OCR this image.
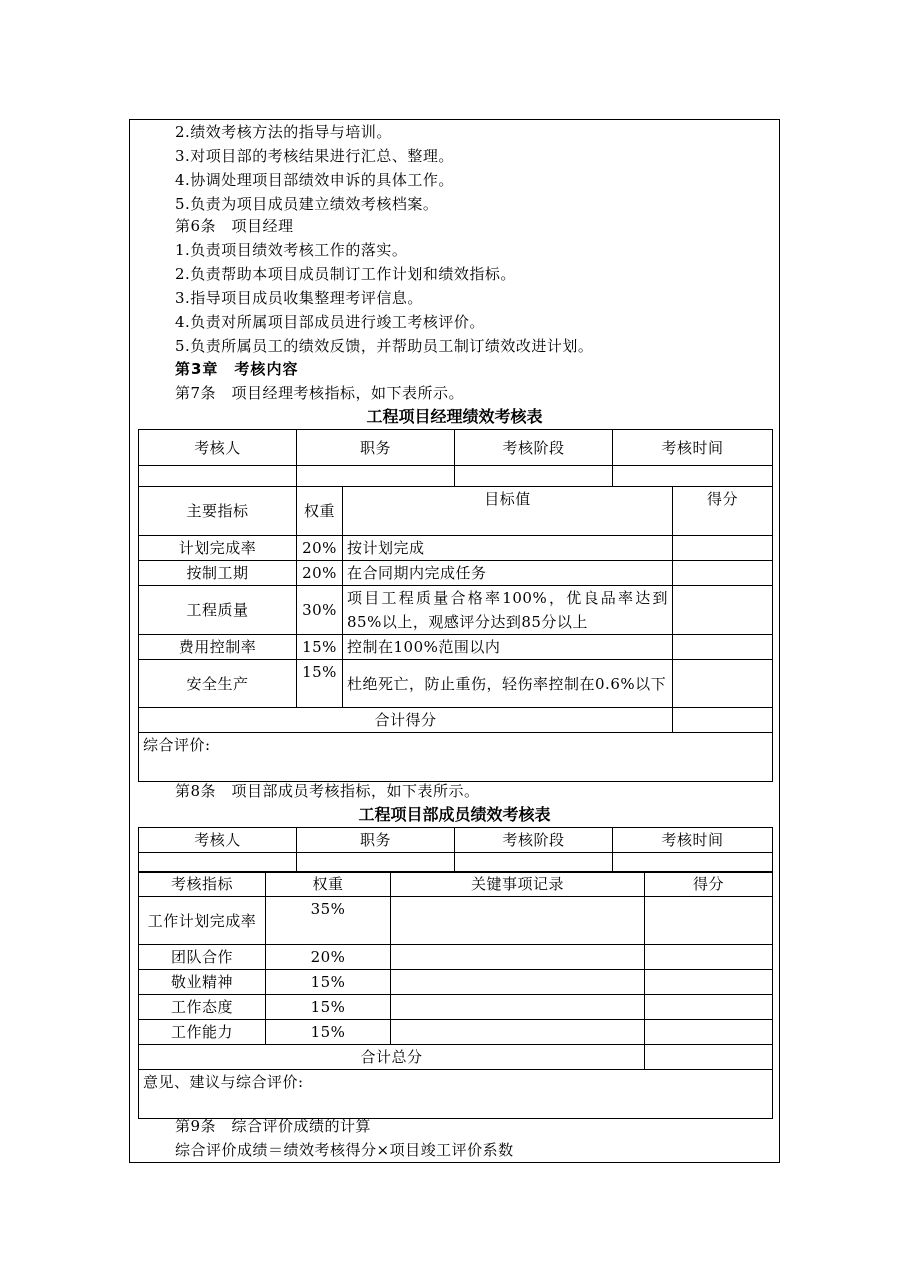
2.绩效考核方法的指导与培训。
3.对项目部的考核结果进行汇总、整理。
4.协调处理项目部绩效申诉的具体工作。
5.负责为项目成员建立绩效考核档案。
第6条　项目经理
1.负责项目绩效考核工作的落实。
2.负责帮助本项目成员制订工作计划和绩效指标。
3.指导项目成员收集整理考评信息。
4.负责对所属项目部成员进行竣工考核评价。
5.负责所属员工的绩效反馈，并帮助员工制订绩效改进计划。
第3章　考核内容
第7条　项目经理考核指标，如下表所示。
工程项目经理绩效考核表
考核人	职务	考核阶段	考核时间

主要指标	权重	目标值	得分
计划完成率	20%	按计划完成	
按制工期	20%	在合同期内完成任务	
工程质量	30%	项目工程质量合格率100%，优良品率达到85%以上，观感评分达到85分以上	
费用控制率	15%	控制在100%范围以内	
安全生产	15%	杜绝死亡，防止重伤，轻伤率控制在0.6%以下	
合计得分			
综合评价:			
第8条　项目部成员考核指标，如下表所示。
工程项目部成员绩效考核表
考核人	职务	考核阶段	考核时间

考核指标	权重	关键事项记录	得分
工作计划完成率	35%		
团队合作	20%		
敬业精神	15%		
工作态度	15%		
工作能力	15%		
合计总分			
意见、建议与综合评价:			
第9条　综合评价成绩的计算
综合评价成绩＝绩效考核得分×项目竣工评价系数
